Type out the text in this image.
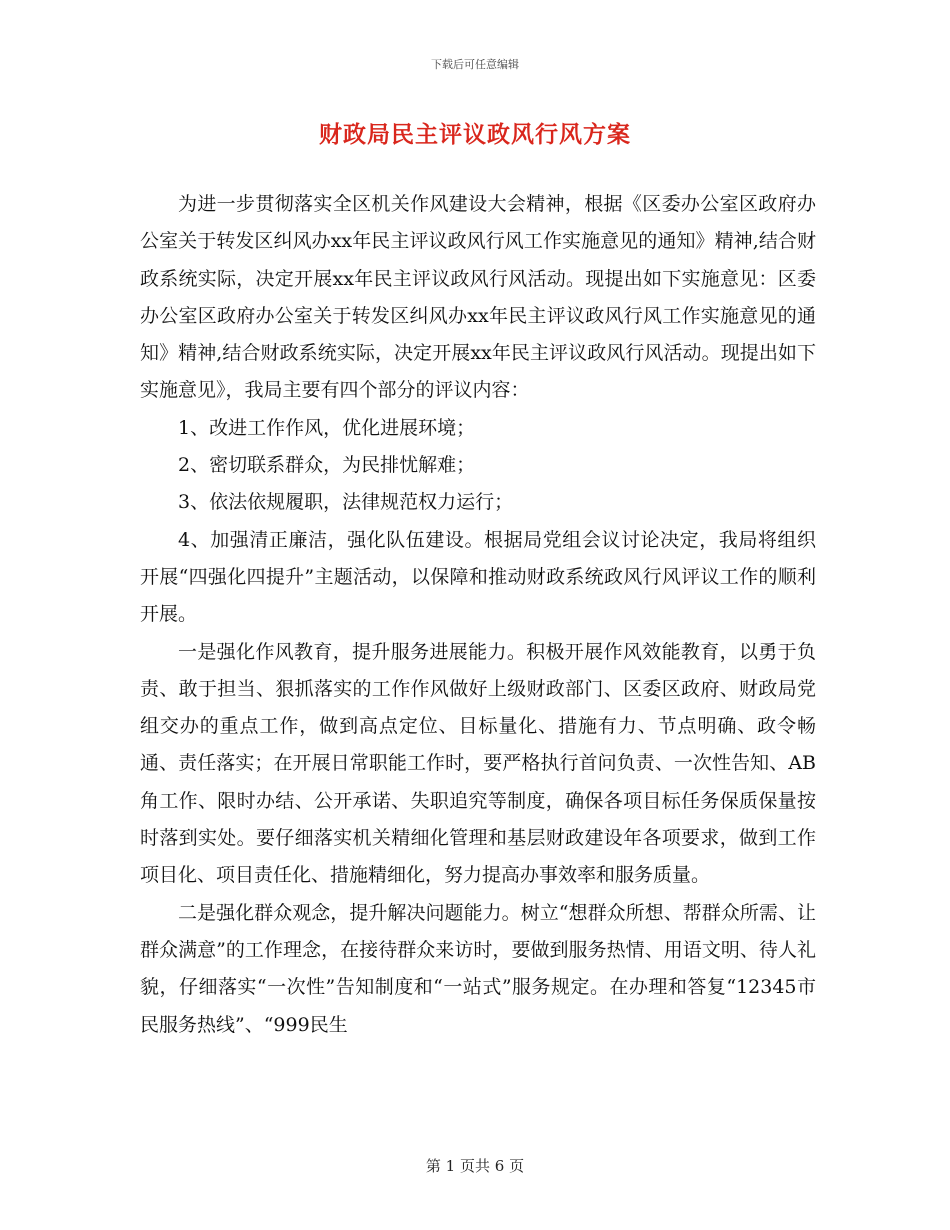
下载后可任意编辑
财政局民主评议政风行风方案

为进一步贯彻落实全区机关作风建设大会精神，根据《区委办公室区政府办公室关于转发区纠风办xx年民主评议政风行风工作实施意见的通知》精神,结合财政系统实际，决定开展xx年民主评议政风行风活动。现提出如下实施意见：区委办公室区政府办公室关于转发区纠风办xx年民主评议政风行风工作实施意见的通知》精神,结合财政系统实际，决定开展xx年民主评议政风行风活动。现提出如下实施意见》，我局主要有四个部分的评议内容：

1、改进工作作风，优化进展环境；

2、密切联系群众，为民排忧解难；

3、依法依规履职，法律规范权力运行；

4、加强清正廉洁，强化队伍建设。根据局党组会议讨论决定，我局将组织开展“四强化四提升”主题活动，以保障和推动财政系统政风行风评议工作的顺利开展。

一是强化作风教育，提升服务进展能力。积极开展作风效能教育，以勇于负责、敢于担当、狠抓落实的工作作风做好上级财政部门、区委区政府、财政局党组交办的重点工作，做到高点定位、目标量化、措施有力、节点明确、政令畅通、责任落实；在开展日常职能工作时，要严格执行首问负责、一次性告知、AB角工作、限时办结、公开承诺、失职追究等制度，确保各项目标任务保质保量按时落到实处。要仔细落实机关精细化管理和基层财政建设年各项要求，做到工作项目化、项目责任化、措施精细化，努力提高办事效率和服务质量。

二是强化群众观念，提升解决问题能力。树立“想群众所想、帮群众所需、让群众满意”的工作理念，在接待群众来访时，要做到服务热情、用语文明、待人礼貌，仔细落实“一次性”告知制度和“一站式”服务规定。在办理和答复“12345市民服务热线”、“999民生

第 1 页共 6 页
